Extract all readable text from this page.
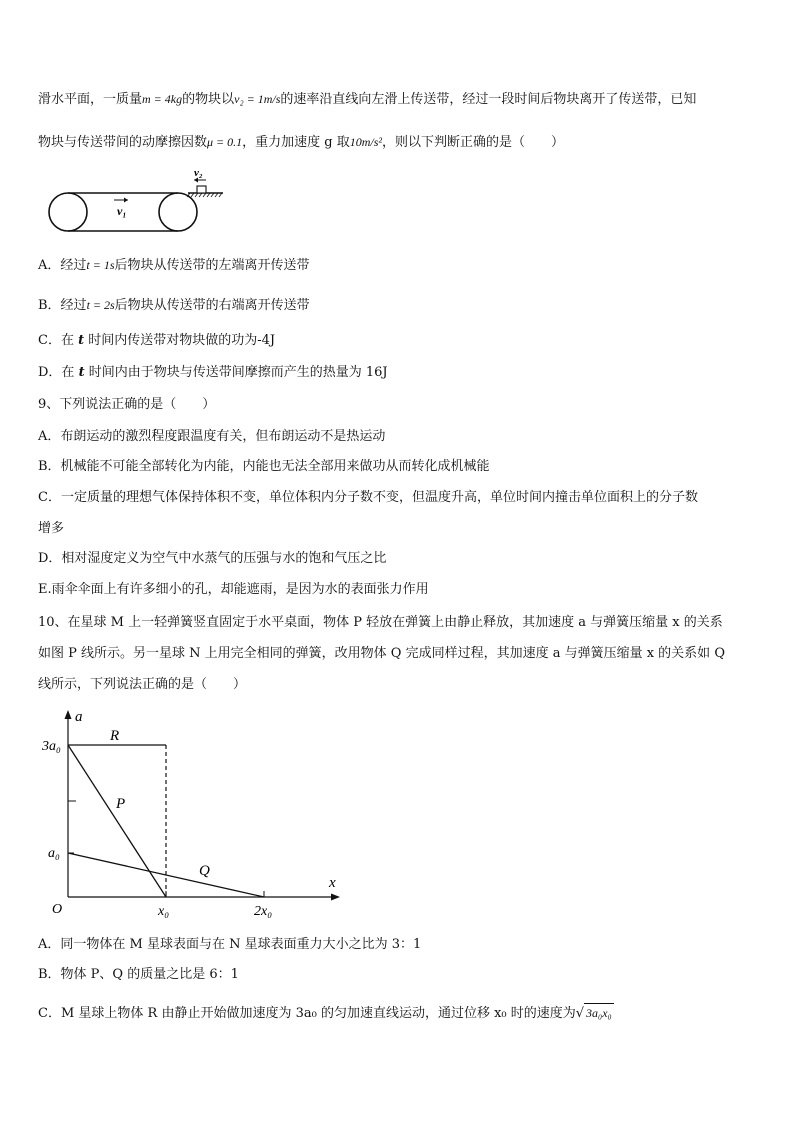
滑水平面，一质量m = 4kg的物块以v₂ = 1m/s的速率沿直线向左滑上传送带，经过一段时间后物块离开了传送带，已知
物块与传送带间的动摩擦因数μ = 0.1，重力加速度 g 取10m/s²，则以下判断正确的是（　　）
v₂
v₁
A．经过t = 1s后物块从传送带的左端离开传送带
B．经过t = 2s后物块从传送带的右端离开传送带
C．在 t 时间内传送带对物块做的功为-4J
D．在 t 时间内由于物块与传送带间摩擦而产生的热量为 16J
9、下列说法正确的是（　　）
A．布朗运动的激烈程度跟温度有关，但布朗运动不是热运动
B．机械能不可能全部转化为内能，内能也无法全部用来做功从而转化成机械能
C．一定质量的理想气体保持体积不变，单位体积内分子数不变，但温度升高，单位时间内撞击单位面积上的分子数
增多
D．相对湿度定义为空气中水蒸气的压强与水的饱和气压之比
E.雨伞伞面上有许多细小的孔，却能遮雨，是因为水的表面张力作用
10、在星球 M 上一轻弹簧竖直固定于水平桌面，物体 P 轻放在弹簧上由静止释放，其加速度 a 与弹簧压缩量 x 的关系
如图 P 线所示。另一星球 N 上用完全相同的弹簧，改用物体 Q 完成同样过程，其加速度 a 与弹簧压缩量 x 的关系如 Q
线所示，下列说法正确的是（　　）
a
x
O
3a₀
a₀
R
P
Q
x₀	2x₀
A．同一物体在 M 星球表面与在 N 星球表面重力大小之比为 3：1
B．物体 P、Q 的质量之比是 6：1
C．M 星球上物体 R 由静止开始做加速度为 3a₀ 的匀加速直线运动，通过位移 x₀ 时的速度为√ 3a₀x₀
